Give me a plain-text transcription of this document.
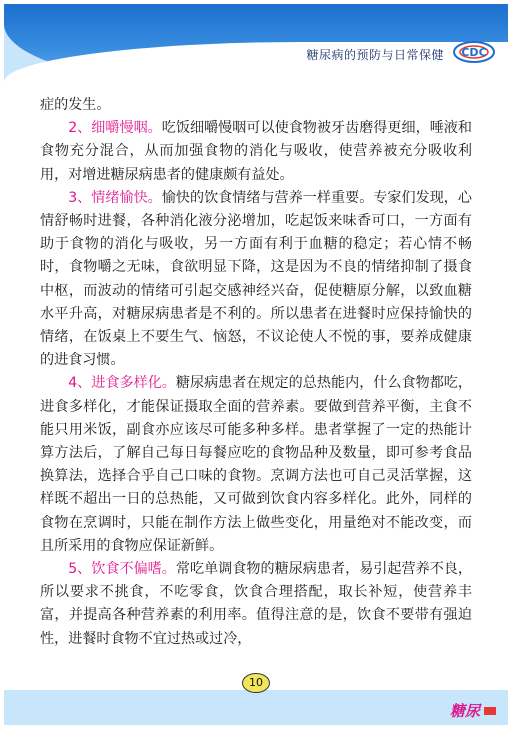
糖尿病的预防与日常保健 CDC

症的发生。

2、细嚼慢咽。吃饭细嚼慢咽可以使食物被牙齿磨得更细，唾液和食物充分混合，从而加强食物的消化与吸收，使营养被充分吸收利用，对增进糖尿病患者的健康颇有益处。

3、情绪愉快。愉快的饮食情绪与营养一样重要。专家们发现，心情舒畅时进餐，各种消化液分泌增加，吃起饭来味香可口，一方面有助于食物的消化与吸收，另一方面有利于血糖的稳定；若心情不畅时，食物嚼之无味，食欲明显下降，这是因为不良的情绪抑制了摄食中枢，而波动的情绪可引起交感神经兴奋，促使糖原分解，以致血糖水平升高，对糖尿病患者是不利的。所以患者在进餐时应保持愉快的情绪，在饭桌上不要生气、恼怒，不议论使人不悦的事，要养成健康的进食习惯。

4、进食多样化。糖尿病患者在规定的总热能内，什么食物都吃，进食多样化，才能保证摄取全面的营养素。要做到营养平衡，主食不能只用米饭，副食亦应该尽可能多种多样。患者掌握了一定的热能计算方法后，了解自己每日每餐应吃的食物品种及数量，即可参考食品换算法，选择合乎自己口味的食物。烹调方法也可自己灵活掌握，这样既不超出一日的总热能，又可做到饮食内容多样化。此外，同样的食物在烹调时，只能在制作方法上做些变化，用量绝对不能改变，而且所采用的食物应保证新鲜。

5、饮食不偏嗜。常吃单调食物的糖尿病患者，易引起营养不良，所以要求不挑食，不吃零食，饮食合理搭配，取长补短，使营养丰富，并提高各种营养素的利用率。值得注意的是，饮食不要带有强迫性，进餐时食物不宜过热或过冷，

10
糖尿
